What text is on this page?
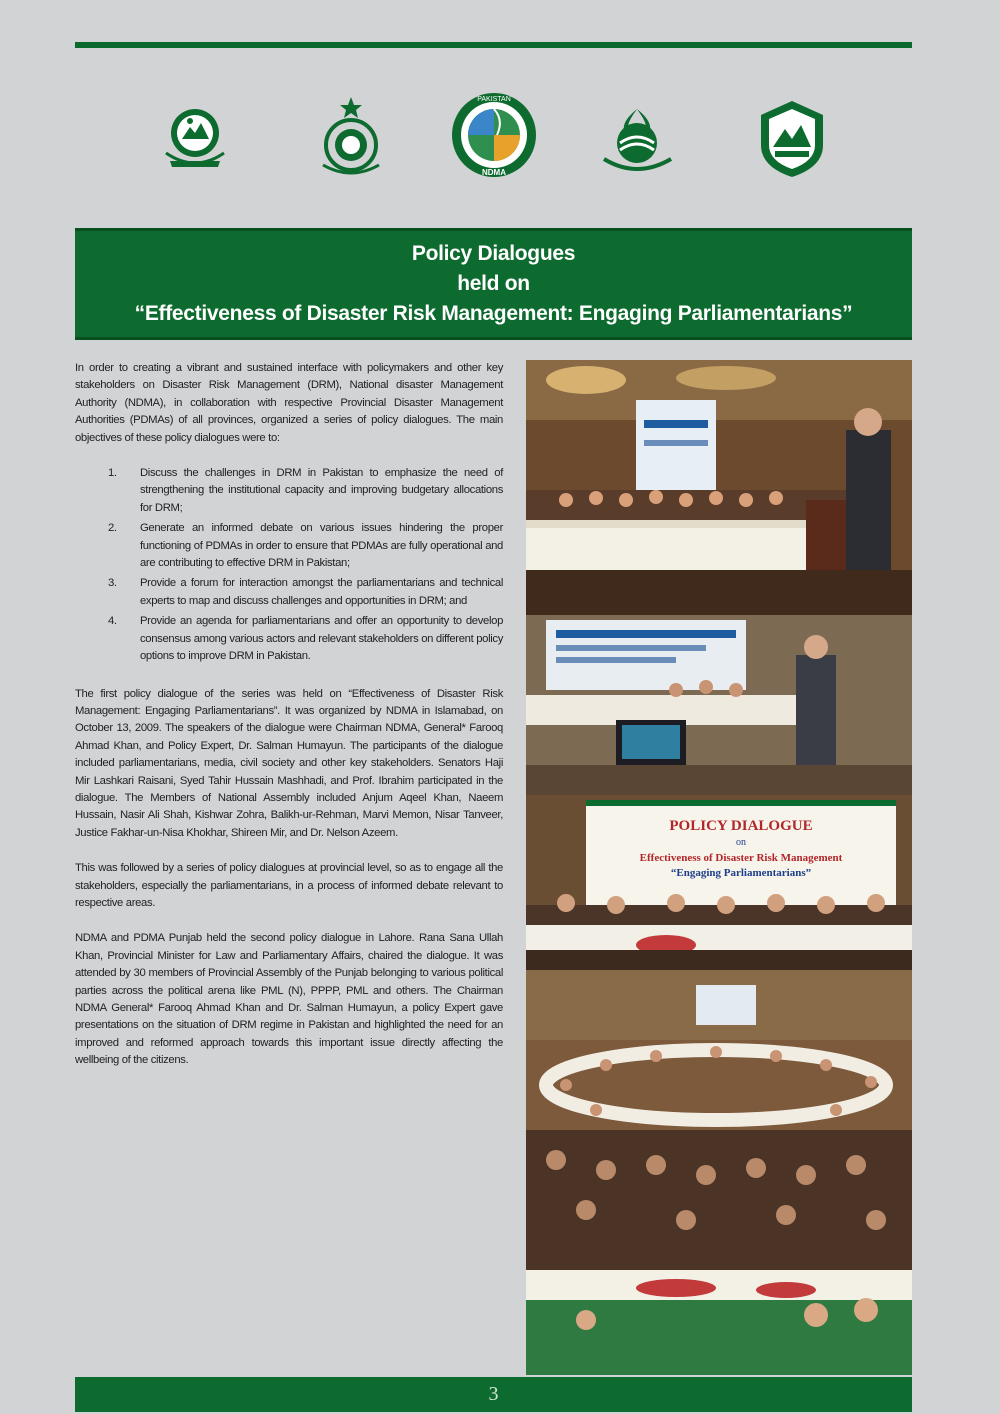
PAKISTAN
NDMA
Policy Dialogues
held on
“Effectiveness of Disaster Risk Management: Engaging Parliamentarians”

In order to creating a vibrant and sustained interface with policymakers and other key stakeholders on Disaster Risk Management (DRM), National disaster Management Authority (NDMA), in collaboration with respective Provincial Disaster Management Authorities (PDMAs) of all provinces, organized a series of policy dialogues. The main objectives of these policy dialogues were to:

1. Discuss the challenges in DRM in Pakistan to emphasize the need of strengthening the institutional capacity and improving budgetary allocations for DRM;
2. Generate an informed debate on various issues hindering the proper functioning of PDMAs in order to ensure that PDMAs are fully operational and are contributing to effective DRM in Pakistan;
3. Provide a forum for interaction amongst the parliamentarians and technical experts to map and discuss challenges and opportunities in DRM; and
4. Provide an agenda for parliamentarians and offer an opportunity to develop consensus among various actors and relevant stakeholders on different policy options to improve DRM in Pakistan.

The first policy dialogue of the series was held on “Effectiveness of Disaster Risk Management: Engaging Parliamentarians”. It was organized by NDMA in Islamabad, on October 13, 2009. The speakers of the dialogue were Chairman NDMA, General* Farooq Ahmad Khan, and Policy Expert, Dr. Salman Humayun. The participants of the dialogue included parliamentarians, media, civil society and other key stakeholders. Senators Haji Mir Lashkari Raisani, Syed Tahir Hussain Mashhadi, and Prof. Ibrahim participated in the dialogue. The Members of National Assembly included Anjum Aqeel Khan, Naeem Hussain, Nasir Ali Shah, Kishwar Zohra, Balikh-ur-Rehman, Marvi Memon, Nisar Tanveer, Justice Fakhar-un-Nisa Khokhar, Shireen Mir, and Dr. Nelson Azeem.

This was followed by a series of policy dialogues at provincial level, so as to engage all the stakeholders, especially the parliamentarians, in a process of informed debate relevant to respective areas.

NDMA and PDMA Punjab held the second policy dialogue in Lahore. Rana Sana Ullah Khan, Provincial Minister for Law and Parliamentary Affairs, chaired the dialogue. It was attended by 30 members of Provincial Assembly of the Punjab belonging to various political parties across the political arena like PML (N), PPPP, PML and others. The Chairman NDMA General* Farooq Ahmad Khan and Dr. Salman Humayun, a policy Expert gave presentations on the situation of DRM regime in Pakistan and highlighted the need for an improved and reformed approach towards this important issue directly affecting the wellbeing of the citizens.

POLICY DIALOGUE
on
Effectiveness of Disaster Risk Management
“Engaging Parliamentarians”
3
